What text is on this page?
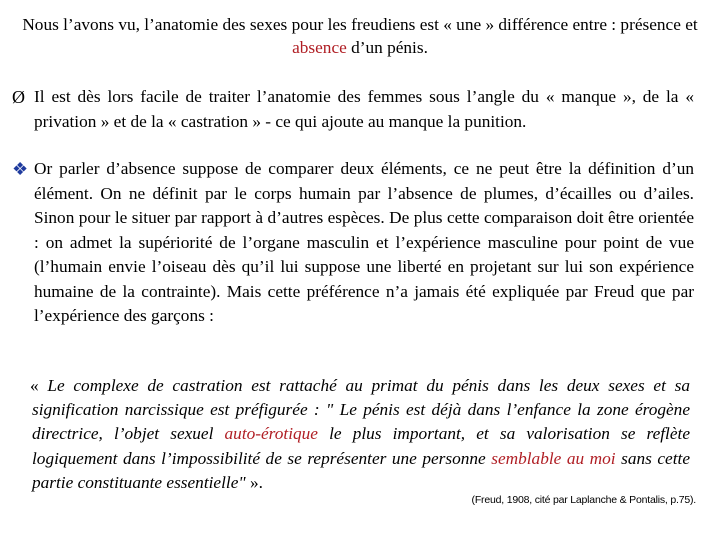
Nous l’avons vu, l’anatomie des sexes pour les freudiens est « une » différence entre : présence et absence d’un pénis.
Ø Il est dès lors facile de traiter l’anatomie des femmes sous l’angle du « manque », de la « privation » et de la « castration » - ce qui ajoute au manque la punition.
❖ Or parler d’absence suppose de comparer deux éléments, ce ne peut être la définition d’un élément. On ne définit par le corps humain par l’absence de plumes, d’écailles ou d’ailes. Sinon pour le situer par rapport à d’autres espèces. De plus cette comparaison doit être orientée : on admet la supériorité de l’organe masculin et l’expérience masculine pour point de vue (l’humain envie l’oiseau dès qu’il lui suppose une liberté en projetant sur lui son expérience humaine de la contrainte). Mais cette préférence n’a jamais été expliquée par Freud que par l’expérience des garçons :
« Le complexe de castration est rattaché au primat du pénis dans les deux sexes et sa signification narcissique est préfigurée : " Le pénis est déjà dans l’enfance la zone érogène directrice, l’objet sexuel auto-érotique le plus important, et sa valorisation se reflète logiquement dans l’impossibilité de se représenter une personne semblable au moi sans cette partie constituante essentielle" ».
(Freud, 1908, cité par Laplanche & Pontalis, p.75).
